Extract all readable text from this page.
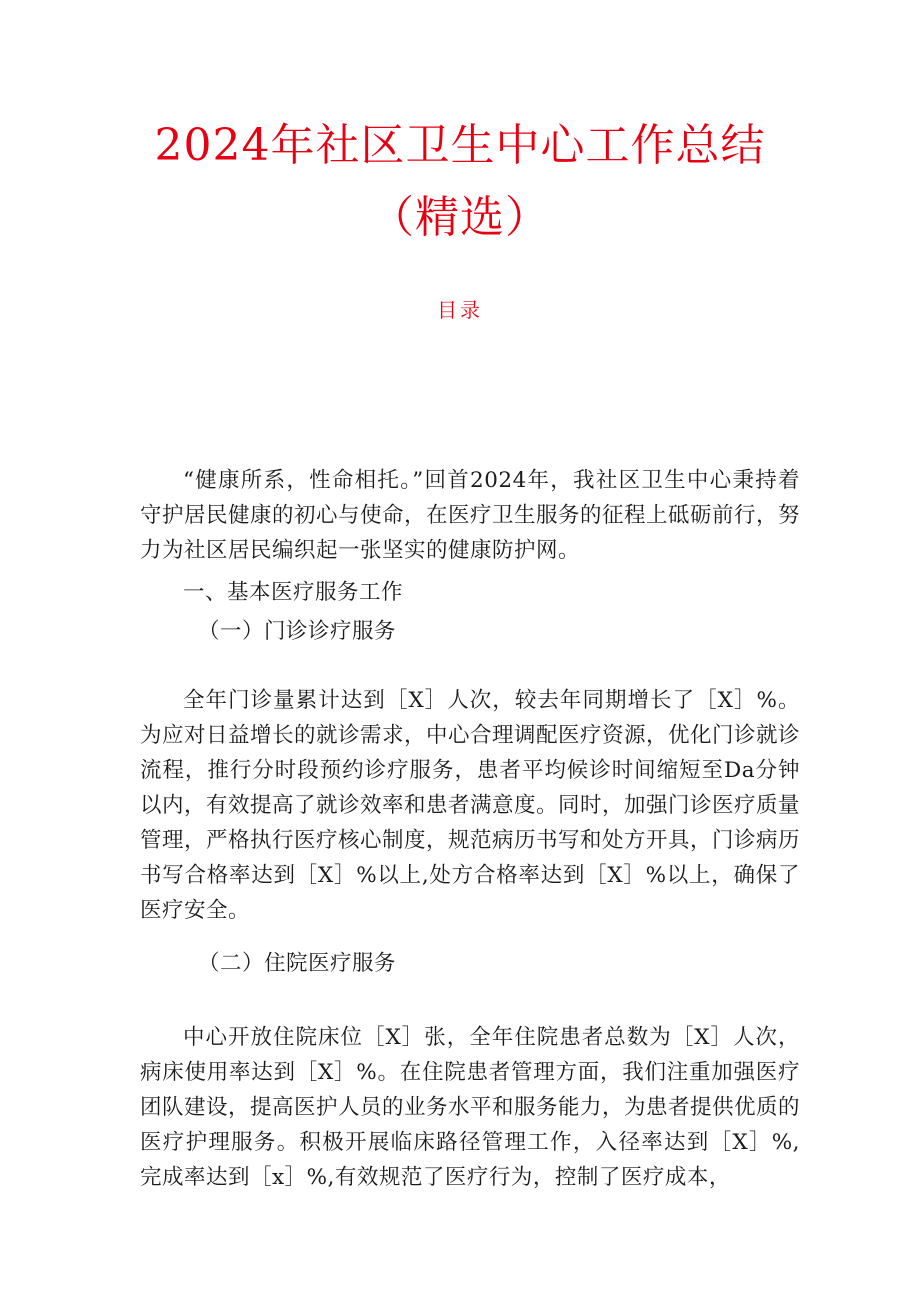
2024年社区卫生中心工作总结
（精选）
目录

“健康所系，性命相托。”回首2024年，我社区卫生中心秉持着守护居民健康的初心与使命，在医疗卫生服务的征程上砥砺前行，努力为社区居民编织起一张坚实的健康防护网。

一、基本医疗服务工作
（一）门诊诊疗服务

全年门诊量累计达到［X］人次，较去年同期增长了［X］%。为应对日益增长的就诊需求，中心合理调配医疗资源，优化门诊就诊流程，推行分时段预约诊疗服务，患者平均候诊时间缩短至Da分钟以内，有效提高了就诊效率和患者满意度。同时，加强门诊医疗质量管理，严格执行医疗核心制度，规范病历书写和处方开具，门诊病历书写合格率达到［X］%以上,处方合格率达到［X］%以上，确保了医疗安全。

（二）住院医疗服务

中心开放住院床位［X］张，全年住院患者总数为［X］人次，病床使用率达到［X］%。在住院患者管理方面，我们注重加强医疗团队建设，提高医护人员的业务水平和服务能力，为患者提供优质的医疗护理服务。积极开展临床路径管理工作，入径率达到［X］%,完成率达到［x］%,有效规范了医疗行为，控制了医疗成本，
